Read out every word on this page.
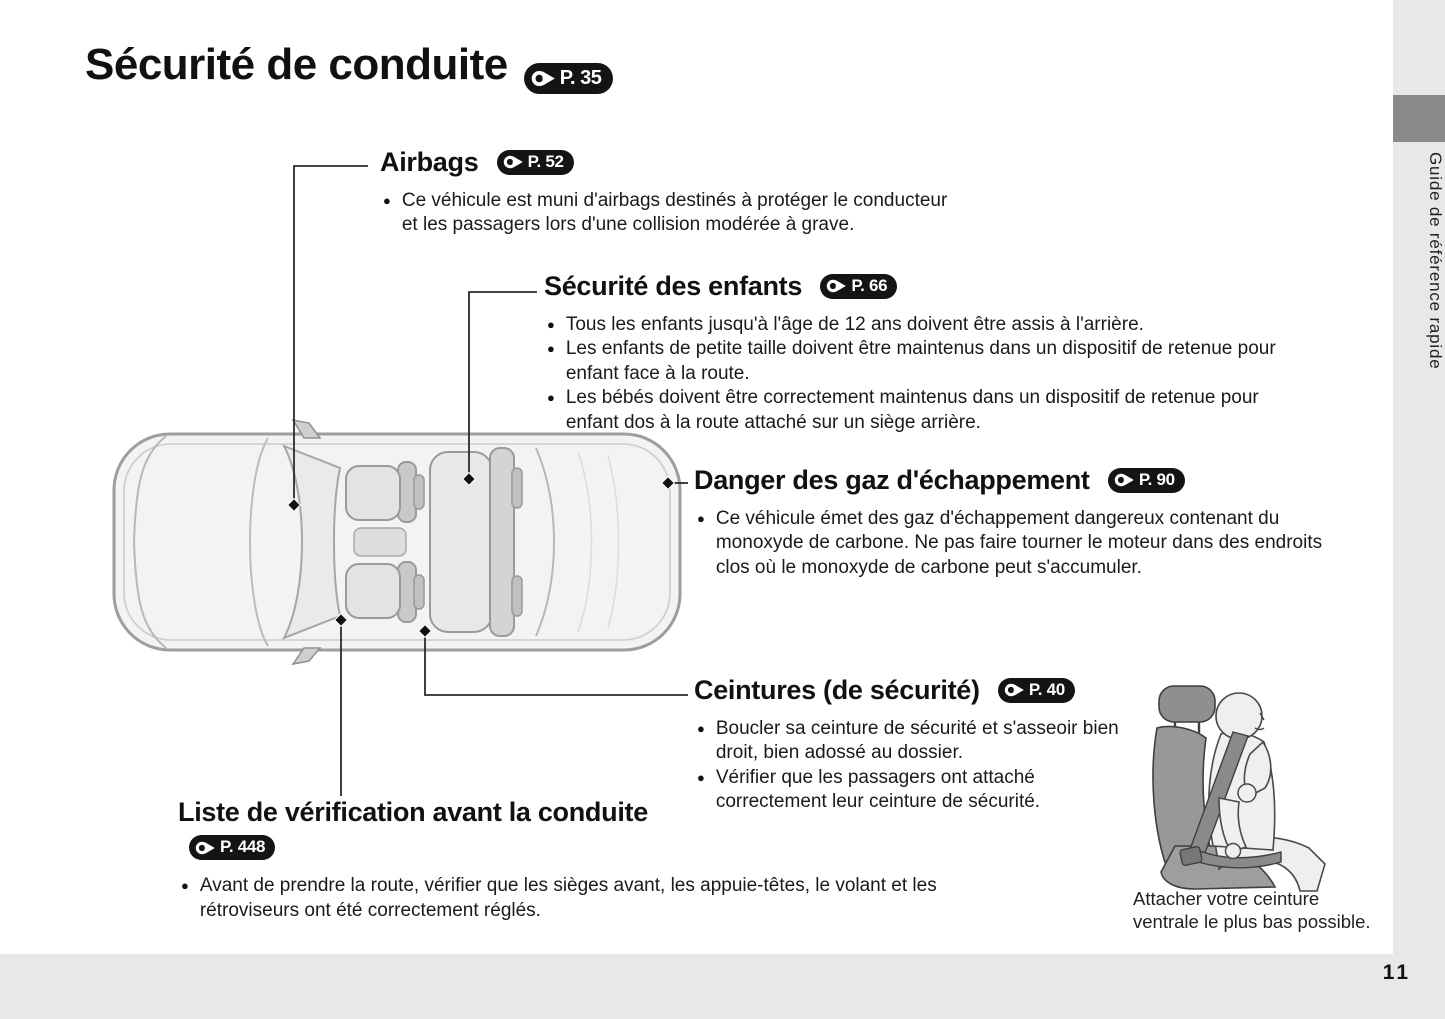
Sécurité de conduite	P. 35
Airbags	P. 52
● Ce véhicule est muni d'airbags destinés à protéger le conducteur et les passagers lors d'une collision modérée à grave.
Sécurité des enfants	P. 66
● Tous les enfants jusqu'à l'âge de 12 ans doivent être assis à l'arrière.
● Les enfants de petite taille doivent être maintenus dans un dispositif de retenue pour enfant face à la route.
● Les bébés doivent être correctement maintenus dans un dispositif de retenue pour enfant dos à la route attaché sur un siège arrière.
Danger des gaz d'échappement	P. 90
● Ce véhicule émet des gaz d'échappement dangereux contenant du monoxyde de carbone. Ne pas faire tourner le moteur dans des endroits clos où le monoxyde de carbone peut s'accumuler.
Ceintures (de sécurité)	P. 40
● Boucler sa ceinture de sécurité et s'asseoir bien droit, bien adossé au dossier.
● Vérifier que les passagers ont attaché correctement leur ceinture de sécurité.
Liste de vérification avant la conduite
P. 448
● Avant de prendre la route, vérifier que les sièges avant, les appuie-têtes, le volant et les rétroviseurs ont été correctement réglés.
Attacher votre ceinture ventrale le plus bas possible.
Guide de référence rapide
11
